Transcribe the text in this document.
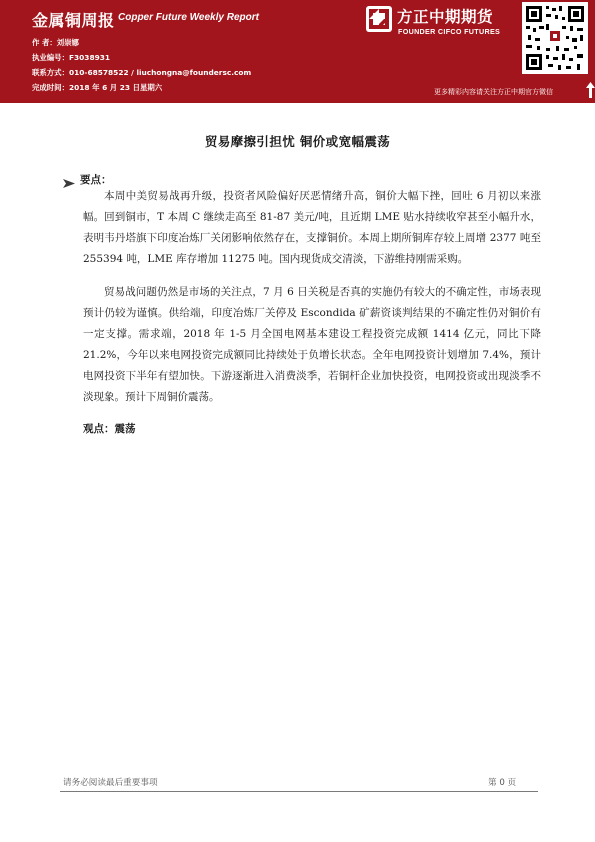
金属铜周报 Copper Future Weekly Report
作 者：刘崇娜
执业编号：F3038931
联系方式：010-68578522 / liuchongna@foundersc.com
完成时间：2018 年 6 月 23 日星期六
方正中期期货
FOUNDER CIFCO FUTURES
更多精彩内容请关注方正中期官方微信
贸易摩擦引担忧 铜价或宽幅震荡
要点：

本周中美贸易战再升级，投资者风险偏好厌恶情绪升高，铜价大幅下挫，回吐 6 月初以来涨幅。回到铜市，T 本周 C 继续走高至 81-87 美元/吨，且近期 LME 贴水持续收窄甚至小幅升水，表明韦丹塔旗下印度冶炼厂关闭影响依然存在，支撑铜价。本周上期所铜库存较上周增 2377 吨至 255394 吨，LME 库存增加 11275 吨。国内现货成交清淡，下游维持刚需采购。

贸易战问题仍然是市场的关注点，7 月 6 日关税是否真的实施仍有较大的不确定性，市场表现预计仍较为谨慎。供给端，印度冶炼厂关停及 Escondida 矿薪资谈判结果的不确定性仍对铜价有一定支撑。需求端，2018 年 1-5 月全国电网基本建设工程投资完成额 1414 亿元，同比下降 21.2%，今年以来电网投资完成额同比持续处于负增长状态。全年电网投资计划增加 7.4%，预计电网投资下半年有望加快。下游逐渐进入消费淡季，若铜杆企业加快投资，电网投资或出现淡季不淡现象。预计下周铜价震荡。

观点：震荡
请务必阅读最后重要事项	第 0 页
